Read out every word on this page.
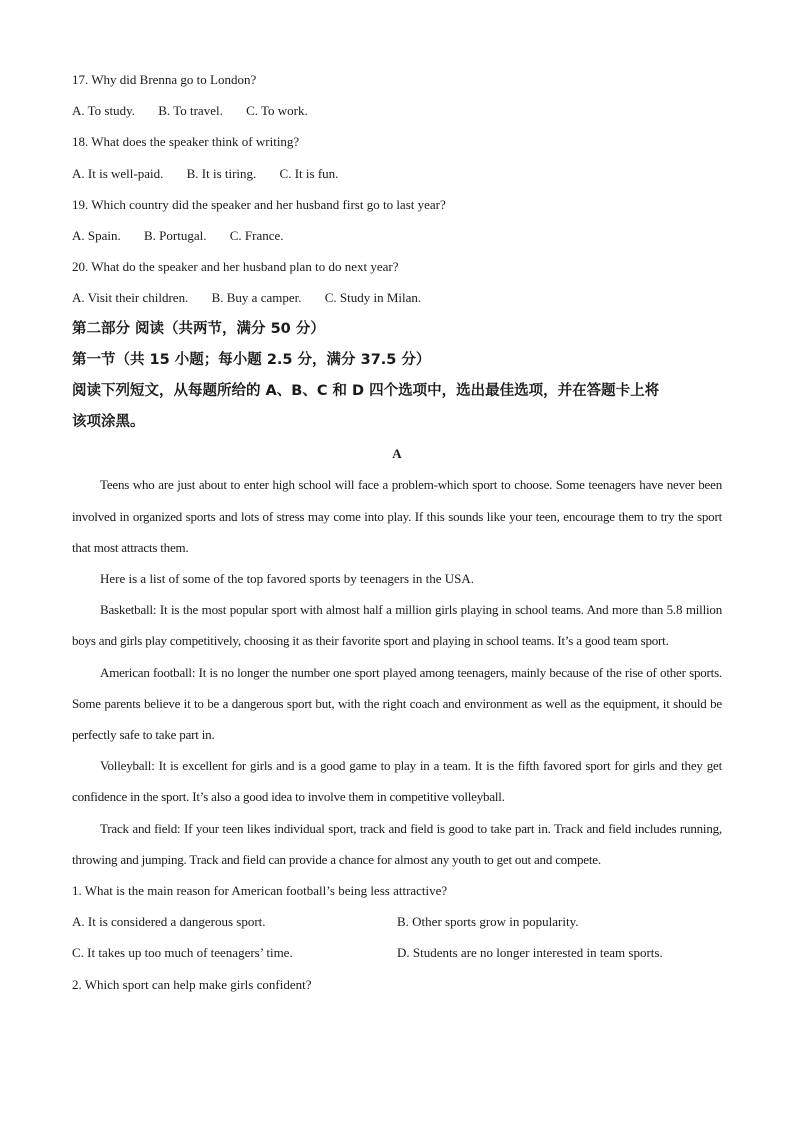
17. Why did Brenna go to London?
A. To study. B. To travel. C. To work.
18. What does the speaker think of writing?
A. It is well-paid. B. It is tiring. C. It is fun.
19. Which country did the speaker and her husband first go to last year?
A. Spain. B. Portugal. C. France.
20. What do the speaker and her husband plan to do next year?
A. Visit their children. B. Buy a camper. C. Study in Milan.
第二部分 阅读（共两节，满分 50 分）
第一节（共 15 小题；每小题 2.5 分，满分 37.5 分）
阅读下列短文，从每题所给的 A、B、C 和 D 四个选项中，选出最佳选项，并在答题卡上将
该项涂黑。
A

Teens who are just about to enter high school will face a problem-which sport to choose. Some teenagers have never been involved in organized sports and lots of stress may come into play. If this sounds like your teen, encourage them to try the sport that most attracts them.

Here is a list of some of the top favored sports by teenagers in the USA.

Basketball: It is the most popular sport with almost half a million girls playing in school teams. And more than 5.8 million boys and girls play competitively, choosing it as their favorite sport and playing in school teams. It’s a good team sport.

American football: It is no longer the number one sport played among teenagers, mainly because of the rise of other sports. Some parents believe it to be a dangerous sport but, with the right coach and environment as well as the equipment, it should be perfectly safe to take part in.

Volleyball: It is excellent for girls and is a good game to play in a team. It is the fifth favored sport for girls and they get confidence in the sport. It’s also a good idea to involve them in competitive volleyball.

Track and field: If your teen likes individual sport, track and field is good to take part in. Track and field includes running, throwing and jumping. Track and field can provide a chance for almost any youth to get out and compete.

1. What is the main reason for American football’s being less attractive?
A. It is considered a dangerous sport.	B. Other sports grow in popularity.
C. It takes up too much of teenagers’ time.	D. Students are no longer interested in team sports.
2. Which sport can help make girls confident?
